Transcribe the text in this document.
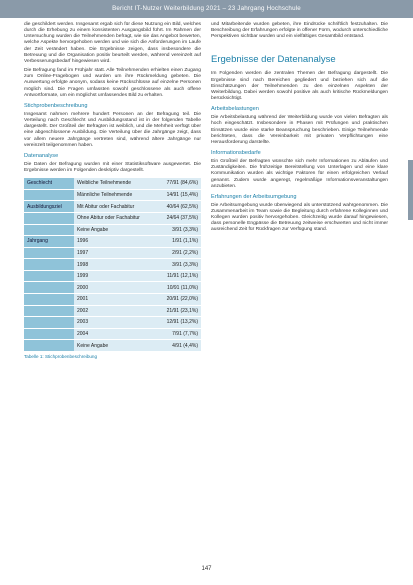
Bericht IT-Nutzer Weiterbildung 2021 – 23 Jahrgang Hochschule

die geschildert werden. Insgesamt ergab sich für diese Nutzung ein Bild, welches durch die Erhebung zu einem konsistenten Ausgangsbild führt. Im Rahmen der Untersuchung wurden die Teilnehmenden befragt, wie sie das Angebot bewerten, welche Aspekte hervorgehoben werden und wie sich die Anforderungen im Laufe der Zeit verändert haben. Die Ergebnisse zeigen, dass insbesondere die Betreuung und die Organisation positiv beurteilt werden, während vereinzelt auf Verbesserungsbedarf hingewiesen wird.

Die Befragung fand im Frühjahr statt. Alle Teilnehmenden erhielten einen Zugang zum Online-Fragebogen und wurden um ihre Rückmeldung gebeten. Die Auswertung erfolgte anonym, sodass keine Rückschlüsse auf einzelne Personen möglich sind. Die Fragen umfassten sowohl geschlossene als auch offene Antwortformate, um ein möglichst umfassendes Bild zu erhalten.

Stichprobenbeschreibung

Insgesamt nahmen mehrere hundert Personen an der Befragung teil. Die Verteilung nach Geschlecht und Ausbildungsstand ist in der folgenden Tabelle dargestellt. Der Großteil der Befragten ist weiblich, und die Mehrheit verfügt über eine abgeschlossene Ausbildung. Die Verteilung über die Jahrgänge zeigt, dass vor allem neuere Jahrgänge vertreten sind, während ältere Jahrgänge nur vereinzelt teilgenommen haben.

Datenanalyse

Die Daten der Befragung wurden mit einer Statistiksoftware ausgewertet. Die Ergebnisse werden im Folgenden deskriptiv dargestellt.

Geschlecht	Weibliche Teilnehmende	77/91 (84,6%)
	Männliche Teilnehmende	14/91 (15,4%)
Ausbildungsziel	Mit Abitur oder Fachabitur	40/64 (62,5%)
	Ohne Abitur oder Fachabitur	24/64 (37,5%)
	Keine Angabe	3/91 (3,3%)
Jahrgang	1996	1/91 (1,1%)
	1997	2/91 (2,2%)
	1998	3/91 (3,3%)
	1999	11/91 (12,1%)
	2000	10/91 (11,0%)
	2001	20/91 (22,0%)
	2002	21/91 (23,1%)
	2003	12/91 (13,2%)
	2004	7/91 (7,7%)
	Keine Angabe	4/91 (4,4%)
Tabelle 1: Stichprobenbeschreibung

und Mitarbeitende wurden gebeten, ihre Eindrücke schriftlich festzuhalten. Die Beschreibung der Erfahrungen erfolgte in offener Form, wodurch unterschiedliche Perspektiven sichtbar wurden und ein vielfältiges Gesamtbild entstand.

Ergebnisse der Datenanalyse

Im Folgenden werden die zentralen Themen der Befragung dargestellt. Die Ergebnisse sind nach Bereichen gegliedert und beziehen sich auf die Einschätzungen der Teilnehmenden zu den einzelnen Aspekten der Weiterbildung. Dabei werden sowohl positive als auch kritische Rückmeldungen berücksichtigt.

Arbeitsbelastungen

Die Arbeitsbelastung während der Weiterbildung wurde von vielen Befragten als hoch eingeschätzt. Insbesondere in Phasen mit Prüfungen und praktischen Einsätzen wurde eine starke Beanspruchung beschrieben. Einige Teilnehmende berichteten, dass die Vereinbarkeit mit privaten Verpflichtungen eine Herausforderung darstellte.

Informationsbedarfe

Ein Großteil der Befragten wünschte sich mehr Informationen zu Abläufen und Zuständigkeiten. Die frühzeitige Bereitstellung von Unterlagen und eine klare Kommunikation wurden als wichtige Faktoren für einen erfolgreichen Verlauf genannt. Zudem wurde angeregt, regelmäßige Informationsveranstaltungen anzubieten.

Erfahrungen der Arbeitsumgebung

Die Arbeitsumgebung wurde überwiegend als unterstützend wahrgenommen. Die Zusammenarbeit im Team sowie die Begleitung durch erfahrene Kolleginnen und Kollegen wurden positiv hervorgehoben. Gleichzeitig wurde darauf hingewiesen, dass personelle Engpässe die Betreuung zeitweise erschwerten und nicht immer ausreichend Zeit für Rückfragen zur Verfügung stand.

147
